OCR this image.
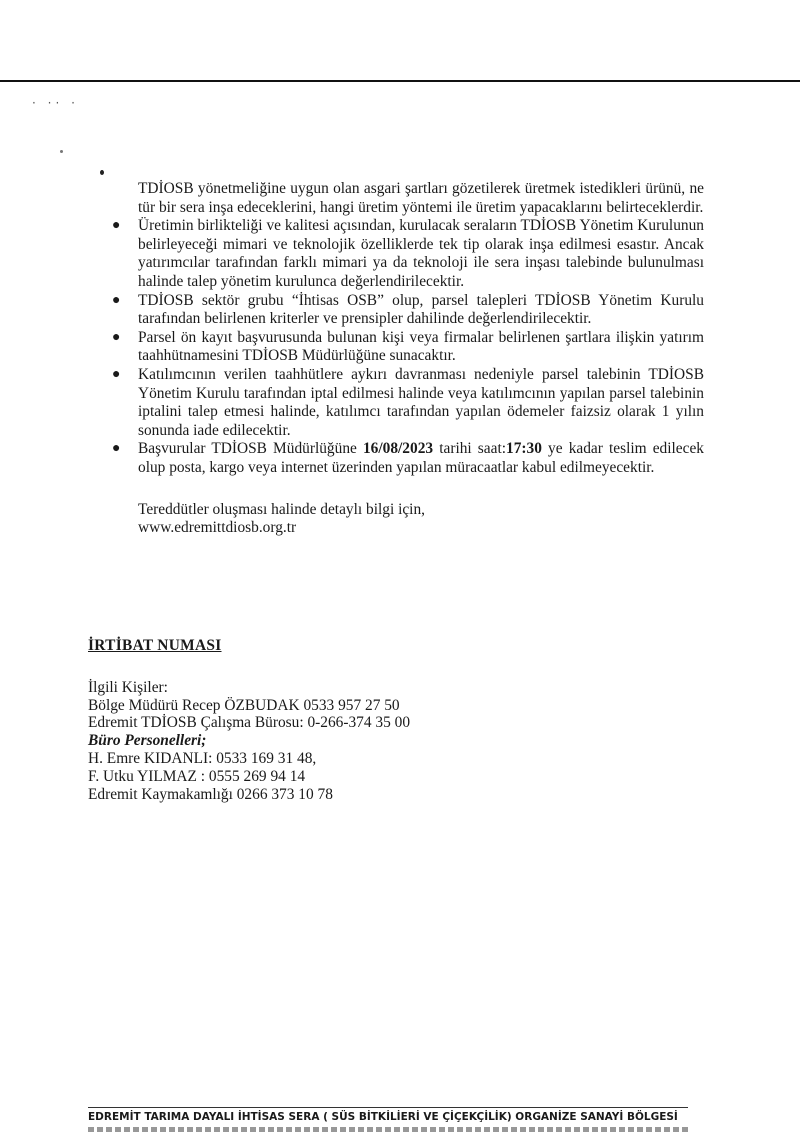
· ·· ·

TDİOSB yönetmeliğine uygun olan asgari şartları gözetilerek üretmek istedikleri ürünü, ne tür bir sera inşa edeceklerini, hangi üretim yöntemi ile üretim yapacaklarını belirteceklerdir.

● Üretimin birlikteliği ve kalitesi açısından, kurulacak seraların TDİOSB Yönetim Kurulunun belirleyeceği mimari ve teknolojik özelliklerde tek tip olarak inşa edilmesi esastır. Ancak yatırımcılar tarafından farklı mimari ya da teknoloji ile sera inşası talebinde bulunulması halinde talep yönetim kurulunca değerlendirilecektir.

● TDİOSB sektör grubu “İhtisas OSB” olup, parsel talepleri TDİOSB Yönetim Kurulu tarafından belirlenen kriterler ve prensipler dahilinde değerlendirilecektir.

● Parsel ön kayıt başvurusunda bulunan kişi veya firmalar belirlenen şartlara ilişkin yatırım taahhütnamesini TDİOSB Müdürlüğüne sunacaktır.

● Katılımcının verilen taahhütlere aykırı davranması nedeniyle parsel talebinin TDİOSB Yönetim Kurulu tarafından iptal edilmesi halinde veya katılımcının yapılan parsel talebinin iptalini talep etmesi halinde, katılımcı tarafından yapılan ödemeler faizsiz olarak 1 yılın sonunda iade edilecektir.

● Başvurular TDİOSB Müdürlüğüne 16/08/2023 tarihi saat:17:30 ye kadar teslim edilecek olup posta, kargo veya internet üzerinden yapılan müracaatlar kabul edilmeyecektir.

Tereddütler oluşması halinde detaylı bilgi için,

www.edremittdiosb.org.tr

İRTİBAT NUMASI

İlgili Kişiler:

Bölge Müdürü Recep ÖZBUDAK 0533 957 27 50

Edremit TDİOSB Çalışma Bürosu: 0-266-374 35 00

Büro Personelleri;

H. Emre KIDANLI: 0533 169 31 48,

F. Utku YILMAZ : 0555 269 94 14

Edremit Kaymakamlığı 0266 373 10 78

EDREMİT TARIMA DAYALI İHTİSAS SERA ( SÜS BİTKİLİERİ VE ÇİÇEKÇİLİK) ORGANİZE SANAYİ BÖLGESİ
